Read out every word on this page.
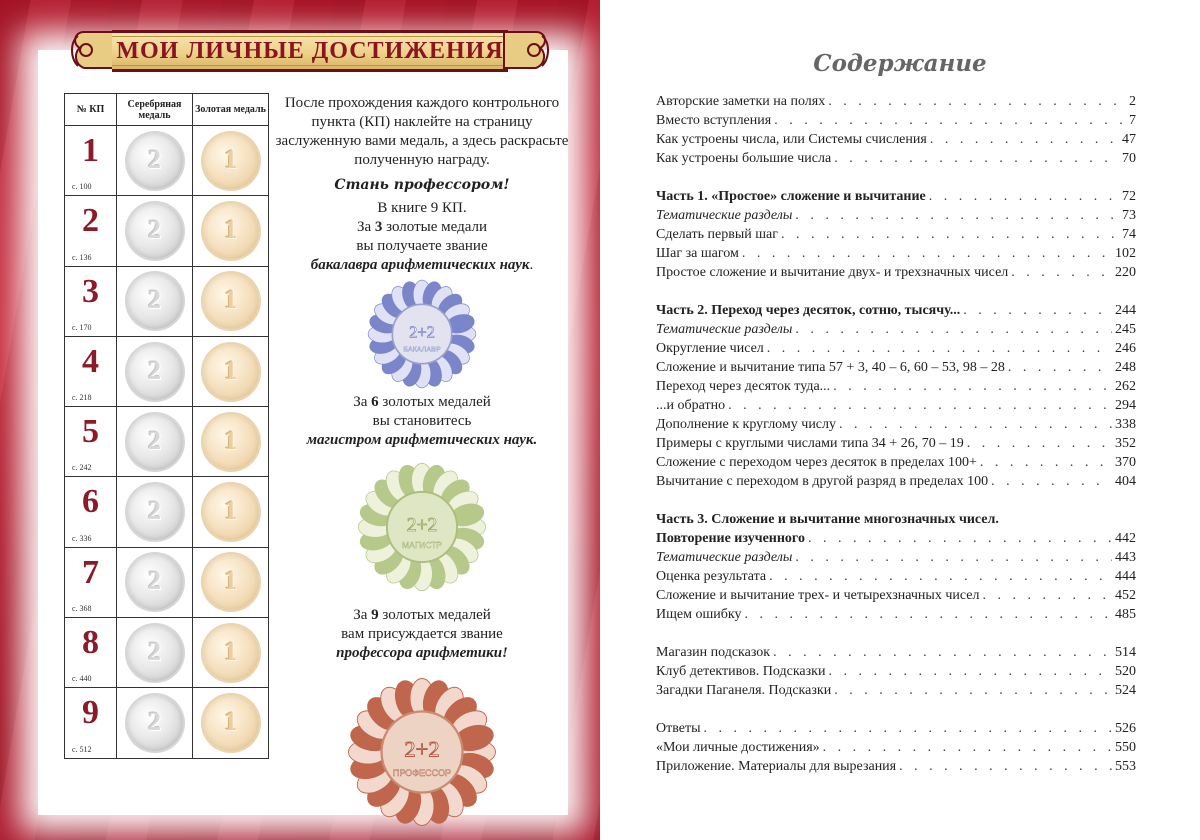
МОИ ЛИЧНЫЕ ДОСТИЖЕНИЯ
№ КП	Серебряная медаль	Золотая медаль

1
с. 100	2	1

2
с. 136	2	1

3
с. 170	2	1

4
с. 218	2	1

5
с. 242	2	1

6
с. 336	2	1

7
с. 368	2	1

8
с. 440	2	1

9
с. 512	2	1
После прохождения каждого контрольного пункта (КП) наклейте на страницу заслуженную вами медаль, а здесь раскрасьте полученную награду.
Стань профессором!
В книге 9 КП.
За 3 золотые медали
вы получаете звание
бакалавра арифметических наук.
2+2
БАКАЛАВР
За 6 золотых медалей
вы становитесь
магистром арифметических наук.
2+2
МАГИСТР
За 9 золотых медалей
вам присуждается звание
профессора арифметики!
2+2
ПРОФЕССОР
Содержание
Авторские заметки на полях . . .	2
Вместо вступления . . .	7
Как устроены числа, или Системы счисления . . .	47
Как устроены большие числа . . .	70
Часть 1. «Простое» сложение и вычитание . . .	72
Тематические разделы . . .	73
Сделать первый шаг . . .	74
Шаг за шагом . . .	102
Простое сложение и вычитание двух- и трехзначных чисел . . .	220
Часть 2. Переход через десяток, сотню, тысячу... . . .	244
Тематические разделы . . .	245
Округление чисел . . .	246
Сложение и вычитание типа 57 + 3, 40 – 6, 60 – 53, 98 – 28 . . .	248
Переход через десяток туда... . . .	262
...и обратно . . .	294
Дополнение к круглому числу . . .	338
Примеры с круглыми числами типа 34 + 26, 70 – 19 . . .	352
Сложение с переходом через десяток в пределах 100+ . . .	370
Вычитание с переходом в другой разряд в пределах 100 . . .	404
Часть 3. Сложение и вычитание многозначных чисел.
Повторение изученного . . .	442
Тематические разделы . . .	443
Оценка результата . . .	444
Сложение и вычитание трех- и четырехзначных чисел . . .	452
Ищем ошибку . . .	485
Магазин подсказок . . .	514
Клуб детективов. Подсказки . . .	520
Загадки Паганеля. Подсказки . . .	524
Ответы . . .	526
«Мои личные достижения» . . .	550
Приложение. Материалы для вырезания . . .	553
